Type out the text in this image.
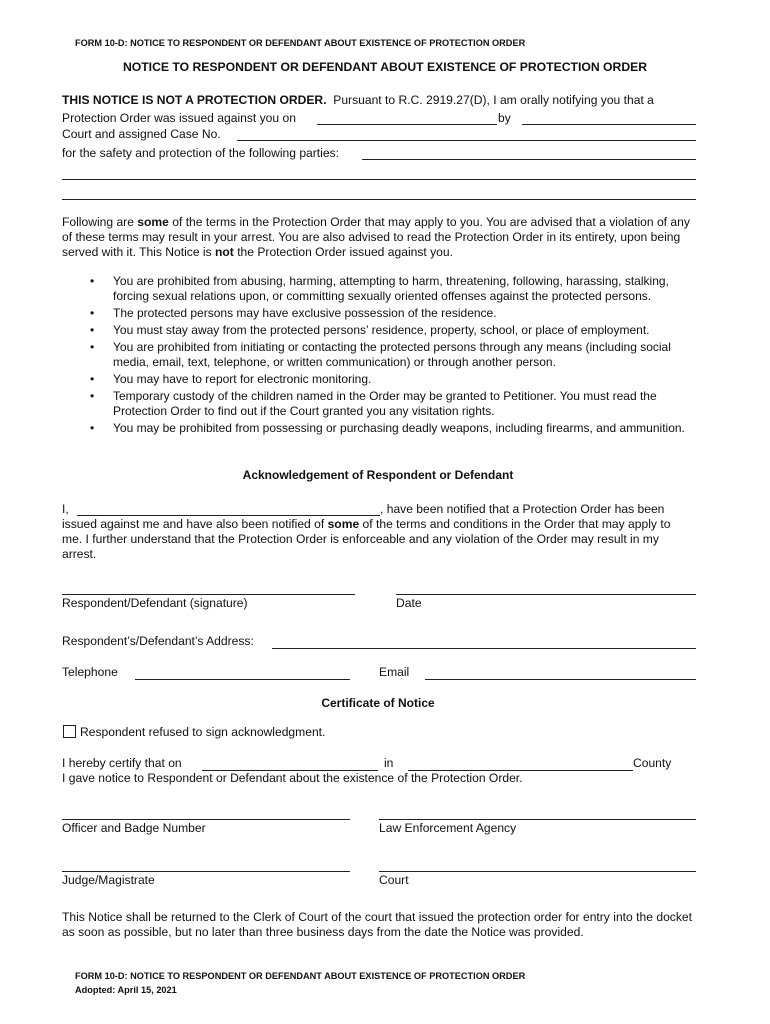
FORM 10-D: NOTICE TO RESPONDENT OR DEFENDANT ABOUT EXISTENCE OF PROTECTION ORDER
NOTICE TO RESPONDENT OR DEFENDANT ABOUT EXISTENCE OF PROTECTION ORDER
THIS NOTICE IS NOT A PROTECTION ORDER. Pursuant to R.C. 2919.27(D), I am orally notifying you that a
Protection Order was issued against you on	by
Court and assigned Case No.
for the safety and protection of the following parties:
Following are some of the terms in the Protection Order that may apply to you. You are advised that a violation of any of these terms may result in your arrest. You are also advised to read the Protection Order in its entirety, upon being served with it. This Notice is not the Protection Order issued against you.
• You are prohibited from abusing, harming, attempting to harm, threatening, following, harassing, stalking, forcing sexual relations upon, or committing sexually oriented offenses against the protected persons.
• The protected persons may have exclusive possession of the residence.
• You must stay away from the protected persons’ residence, property, school, or place of employment.
• You are prohibited from initiating or contacting the protected persons through any means (including social media, email, text, telephone, or written communication) or through another person.
• You may have to report for electronic monitoring.
• Temporary custody of the children named in the Order may be granted to Petitioner. You must read the Protection Order to find out if the Court granted you any visitation rights.
• You may be prohibited from possessing or purchasing deadly weapons, including firearms, and ammunition.
Acknowledgement of Respondent or Defendant
I,	, have been notified that a Protection Order has been
issued against me and have also been notified of some of the terms and conditions in the Order that may apply to me. I further understand that the Protection Order is enforceable and any violation of the Order may result in my arrest.
Respondent/Defendant (signature)	Date
Respondent’s/Defendant’s Address:
Telephone	Email
Certificate of Notice
Respondent refused to sign acknowledgment.
I hereby certify that on	in	County
I gave notice to Respondent or Defendant about the existence of the Protection Order.
Officer and Badge Number	Law Enforcement Agency
Judge/Magistrate	Court
This Notice shall be returned to the Clerk of Court of the court that issued the protection order for entry into the docket as soon as possible, but no later than three business days from the date the Notice was provided.
FORM 10-D: NOTICE TO RESPONDENT OR DEFENDANT ABOUT EXISTENCE OF PROTECTION ORDER
Adopted: April 15, 2021
